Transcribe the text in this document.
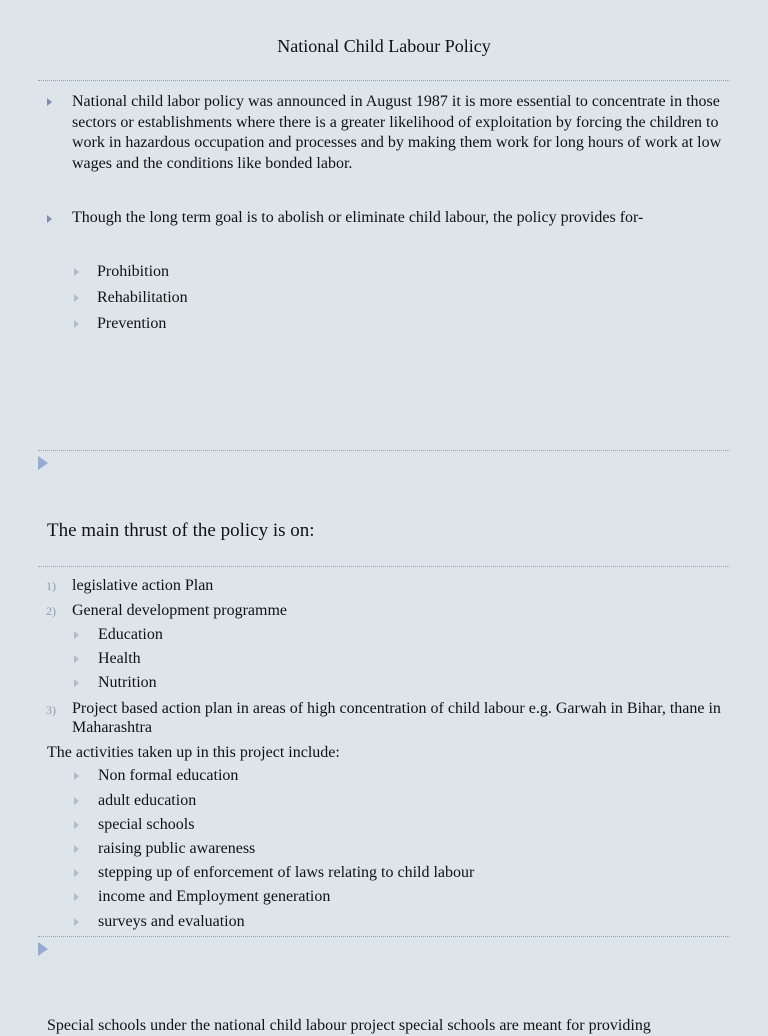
National Child Labour Policy
National child labor policy was announced in August 1987 it is more essential to concentrate in those sectors or establishments where there is a greater likelihood of exploitation by forcing the children to work in hazardous occupation and processes and by making them work for long hours of work at low wages and the conditions like bonded labor.
Though the long term goal is to abolish or eliminate child labour, the policy provides for-
Prohibition
Rehabilitation
Prevention
The main thrust of the policy is on:
1) legislative action Plan
2) General development programme
Education
Health
Nutrition
3) Project based action plan in areas of high concentration of child labour e.g. Garwah in Bihar, thane in Maharashtra
The activities taken up in this project include:
Non formal education
adult education
special schools
raising public awareness
stepping up of enforcement of laws relating to child labour
income and Employment generation
surveys and evaluation
Special schools under the national child labour project special schools are meant for providing
